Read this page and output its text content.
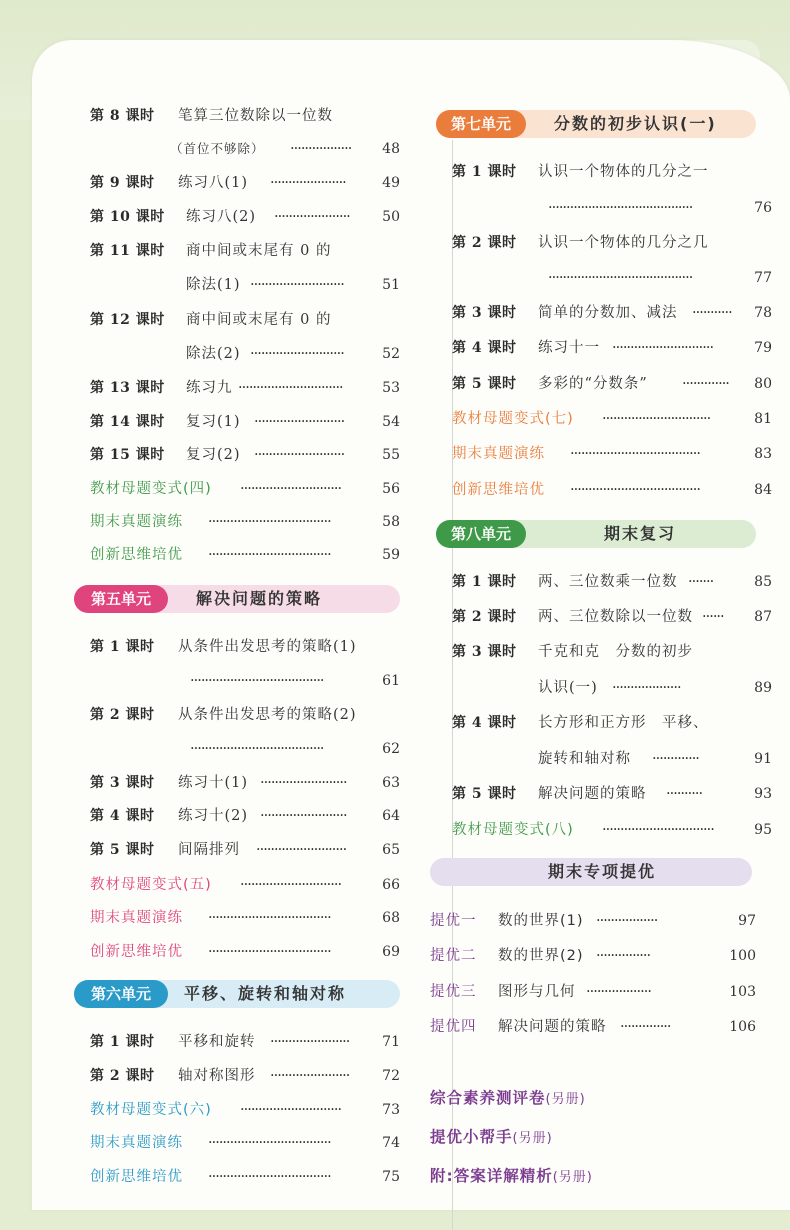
第 8 课时 笔算三位数除以一位数
（首位不够除） ·················	48
第 9 课时 练习八(1) ·····················	49
第 10 课时 练习八(2) ·····················	50
第 11 课时 商中间或末尾有 0 的
除法(1) ··························	51
第 12 课时 商中间或末尾有 0 的
除法(2) ··························	52
第 13 课时 练习九 ·····························	53
第 14 课时 复习(1) ·························	54
第 15 课时 复习(2) ·························	55
教材母题变式(四) ····························	56
期末真题演练 ··································	58
创新思维培优 ··································	59
第五单元	解决问题的策略
第 1 课时 从条件出发思考的策略(1)
·····································	61
第 2 课时 从条件出发思考的策略(2)
·····································	62
第 3 课时 练习十(1) ························	63
第 4 课时 练习十(2) ························	64
第 5 课时 间隔排列 ·························	65
教材母题变式(五) ····························	66
期末真题演练 ··································	68
创新思维培优 ··································	69
第六单元	平移、旋转和轴对称
第 1 课时 平移和旋转 ······················	71
第 2 课时 轴对称图形 ······················	72
教材母题变式(六) ····························	73
期末真题演练 ··································	74
创新思维培优 ··································	75
第七单元	分数的初步认识(一)
第 1 课时 认识一个物体的几分之一
········································	76
第 2 课时 认识一个物体的几分之几
········································	77
第 3 课时 简单的分数加、减法 ···········	78
第 4 课时 练习十一 ····························	79
第 5 课时 多彩的“分数条” ·············	80
教材母题变式(七) ······························	81
期末真题演练 ····································	83
创新思维培优 ····································	84
第八单元	期末复习
第 1 课时 两、三位数乘一位数 ·······	85
第 2 课时 两、三位数除以一位数 ······	87
第 3 课时 千克和克　分数的初步
认识(一) ···················	89
第 4 课时 长方形和正方形　平移、
旋转和轴对称 ·············	91
第 5 课时 解决问题的策略 ··········	93
教材母题变式(八) ·······························	95
期末专项提优
提优一 数的世界(1) ·················	97
提优二 数的世界(2) ···············	100
提优三 图形与几何 ··················	103
提优四 解决问题的策略 ··············	106
综合素养测评卷(另册)
提优小帮手(另册)
附:答案详解精析(另册)
